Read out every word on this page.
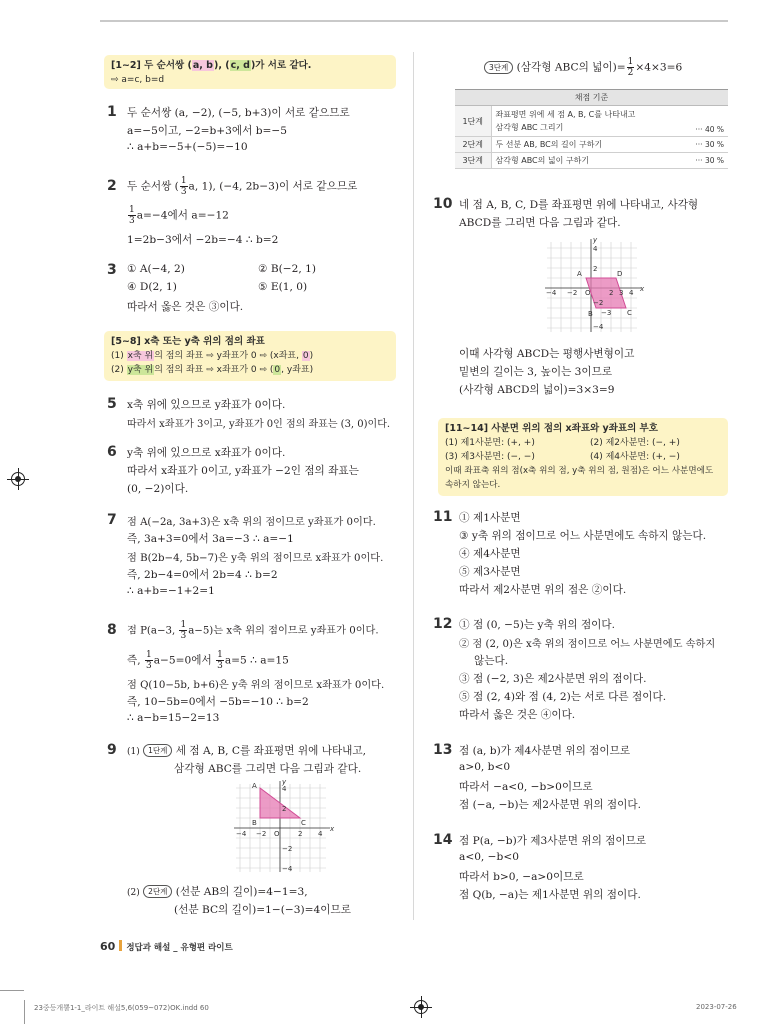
[1~2] 두 순서쌍 (a, b), (c, d)가 서로 같다.
⇨ a=c, b=d
1 두 순서쌍 (a, −2), (−5, b+3)이 서로 같으므로
a=−5이고, −2=b+3에서 b=−5
∴ a+b=−5+(−5)=−10
2 두 순서쌍 ( $\frac{1}{3} a$, 1), (−4, 2b−3)이 서로 같으므로
$\frac{1}{3} a=-4$에서 a=−12
1=2b−3에서 −2b=−4 ∴ b=2
3 ① A(−4, 2)	② B(−2, 1)
④ D(2, 1)	⑤ E(1, 0)
따라서 옳은 것은 ③이다.
[5~8] x축 또는 y축 위의 점의 좌표
(1) x축 위의 점의 좌표 ⇨ y좌표가 0 ⇨ (x좌표, 0)
(2) y축 위의 점의 좌표 ⇨ x좌표가 0 ⇨ (0, y좌표)
5 x축 위에 있으므로 y좌표가 0이다.
따라서 x좌표가 3이고, y좌표가 0인 점의 좌표는 (3, 0)이다.
6 y축 위에 있으므로 x좌표가 0이다.
따라서 x좌표가 0이고, y좌표가 −2인 점의 좌표는
(0, −2)이다.
7 점 A(−2a, 3a+3)은 x축 위의 점이므로 y좌표가 0이다.
즉, 3a+3=0에서 3a=−3 ∴ a=−1
점 B(2b−4, 5b−7)은 y축 위의 점이므로 x좌표가 0이다.
즉, 2b−4=0에서 2b=4 ∴ b=2
∴ a+b=−1+2=1
8 점 P(a−3, $\frac{1}{3} a-5$)는 x축 위의 점이므로 y좌표가 0이다.
즉, $\frac{1}{3} a-5=0$에서 $\frac{1}{3} a=5$ ∴ a=15
점 Q(10−5b, b+6)은 y축 위의 점이므로 x좌표가 0이다.
즉, 10−5b=0에서 −5b=−10 ∴ b=2
∴ a−b=15−2=13
9 (1) 1단계 세 점 A, B, C를 좌표평면 위에 나타내고,
삼각형 ABC를 그리면 다음 그림과 같다.
A
B	C
O
x
y
4
2
−2
−4
−4 −2	2 4
(2) 2단계 (선분 AB의 길이)=4−1=3,
(선분 BC의 길이)=1−(−3)=4이므로
3단계 (삼각형 ABC의 넓이)= $\frac{1}{2} \times 4\times 3=6$
채점 기준		
1단계	좌표평면 위에 세 점 A, B, C를 나타내고
삼각형 ABC 그리기	··· 40 %
2단계	두 선분 AB, BC의 길이 구하기	··· 30 %
3단계	삼각형 ABC의 넓이 구하기	··· 30 %
10 네 점 A, B, C, D를 좌표평면 위에 나타내고, 사각형
ABCD를 그리면 다음 그림과 같다.
A	D
B	C
O	x
y
4
2
−2
−4
−4 −2	2 3 4
−3
이때 사각형 ABCD는 평행사변형이고
밑변의 길이는 3, 높이는 3이므로
(사각형 ABCD의 넓이)=3×3=9
[11~14] 사분면 위의 점의 x좌표와 y좌표의 부호
(1) 제1사분면: (+, +)	(2) 제2사분면: (−, +)
(3) 제3사분면: (−, −)	(4) 제4사분면: (+, −)
이때 좌표축 위의 점(x축 위의 점, y축 위의 점, 원점)은 어느 사분면에도
속하지 않는다.
11 ① 제1사분면
③ y축 위의 점이므로 어느 사분면에도 속하지 않는다.
④ 제4사분면
⑤ 제3사분면
따라서 제2사분면 위의 점은 ②이다.
12 ① 점 (0, −5)는 y축 위의 점이다.
② 점 (2, 0)은 x축 위의 점이므로 어느 사분면에도 속하지
않는다.
③ 점 (−2, 3)은 제2사분면 위의 점이다.
⑤ 점 (2, 4)와 점 (4, 2)는 서로 다른 점이다.
따라서 옳은 것은 ④이다.
13 점 (a, b)가 제4사분면 위의 점이므로
a>0, b<0
따라서 −a<0, −b>0이므로
점 (−a, −b)는 제2사분면 위의 점이다.
14 점 P(a, −b)가 제3사분면 위의 점이므로
a<0, −b<0
따라서 b>0, −a>0이므로
점 Q(b, −a)는 제1사분면 위의 점이다.
60 정답과 해설 _ 유형편 라이트
23중등개뿔1-1_라이트 해설5,6(059~072)OK.indd 60	2023-07-26
